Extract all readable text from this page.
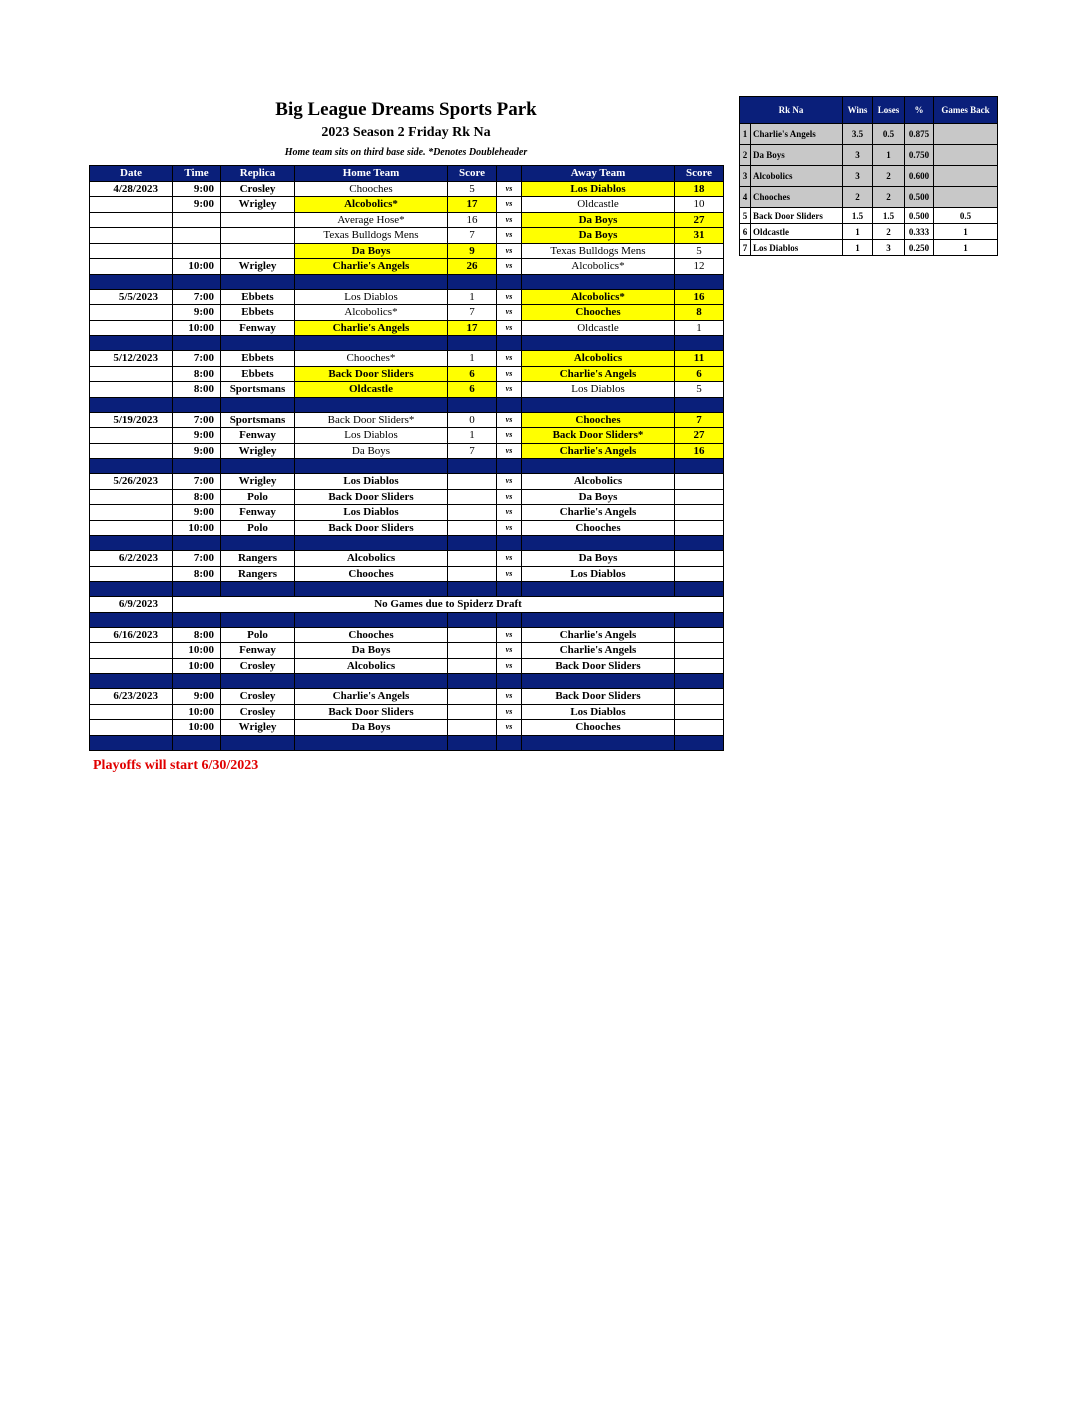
Big League Dreams Sports Park
2023 Season 2 Friday Rk Na
Home team sits on third base side. *Denotes Doubleheader
Date	Time	Replica	Home Team	Score		Away Team	Score
4/28/2023	9:00	Crosley	Chooches	5	vs	Los Diablos	18
	9:00	Wrigley	Alcobolics*	17	vs	Oldcastle	10
			Average Hose*	16	vs	Da Boys	27
			Texas Bulldogs Mens	7	vs	Da Boys	31
			Da Boys	9	vs	Texas Bulldogs Mens	5
	10:00	Wrigley	Charlie's Angels	26	vs	Alcobolics*	12

5/5/2023	7:00	Ebbets	Los Diablos	1	vs	Alcobolics*	16
	9:00	Ebbets	Alcobolics*	7	vs	Chooches	8
	10:00	Fenway	Charlie's Angels	17	vs	Oldcastle	1

5/12/2023	7:00	Ebbets	Chooches*	1	vs	Alcobolics	11
	8:00	Ebbets	Back Door Sliders	6	vs	Charlie's Angels	6
	8:00	Sportsmans	Oldcastle	6	vs	Los Diablos	5

5/19/2023	7:00	Sportsmans	Back Door Sliders*	0	vs	Chooches	7
	9:00	Fenway	Los Diablos	1	vs	Back Door Sliders*	27
	9:00	Wrigley	Da Boys	7	vs	Charlie's Angels	16

5/26/2023	7:00	Wrigley	Los Diablos		vs	Alcobolics	
	8:00	Polo	Back Door Sliders		vs	Da Boys	
	9:00	Fenway	Los Diablos		vs	Charlie's Angels	
	10:00	Polo	Back Door Sliders		vs	Chooches	

6/2/2023	7:00	Rangers	Alcobolics		vs	Da Boys	
	8:00	Rangers	Chooches		vs	Los Diablos	

6/9/2023	No Games due to Spiderz Draft						

6/16/2023	8:00	Polo	Chooches		vs	Charlie's Angels	
	10:00	Fenway	Da Boys		vs	Charlie's Angels	
	10:00	Crosley	Alcobolics		vs	Back Door Sliders	

6/23/2023	9:00	Crosley	Charlie's Angels		vs	Back Door Sliders	
	10:00	Crosley	Back Door Sliders		vs	Los Diablos	
	10:00	Wrigley	Da Boys		vs	Chooches	

Rk Na		Wins	Loses	%	Games Back
1	Charlie's Angels	3.5	0.5	0.875	
2	Da Boys	3	1	0.750	
3	Alcobolics	3	2	0.600	
4	Chooches	2	2	0.500	
5	Back Door Sliders	1.5	1.5	0.500	0.5
6	Oldcastle	1	2	0.333	1
7	Los Diablos	1	3	0.250	1
Playoffs will start 6/30/2023
